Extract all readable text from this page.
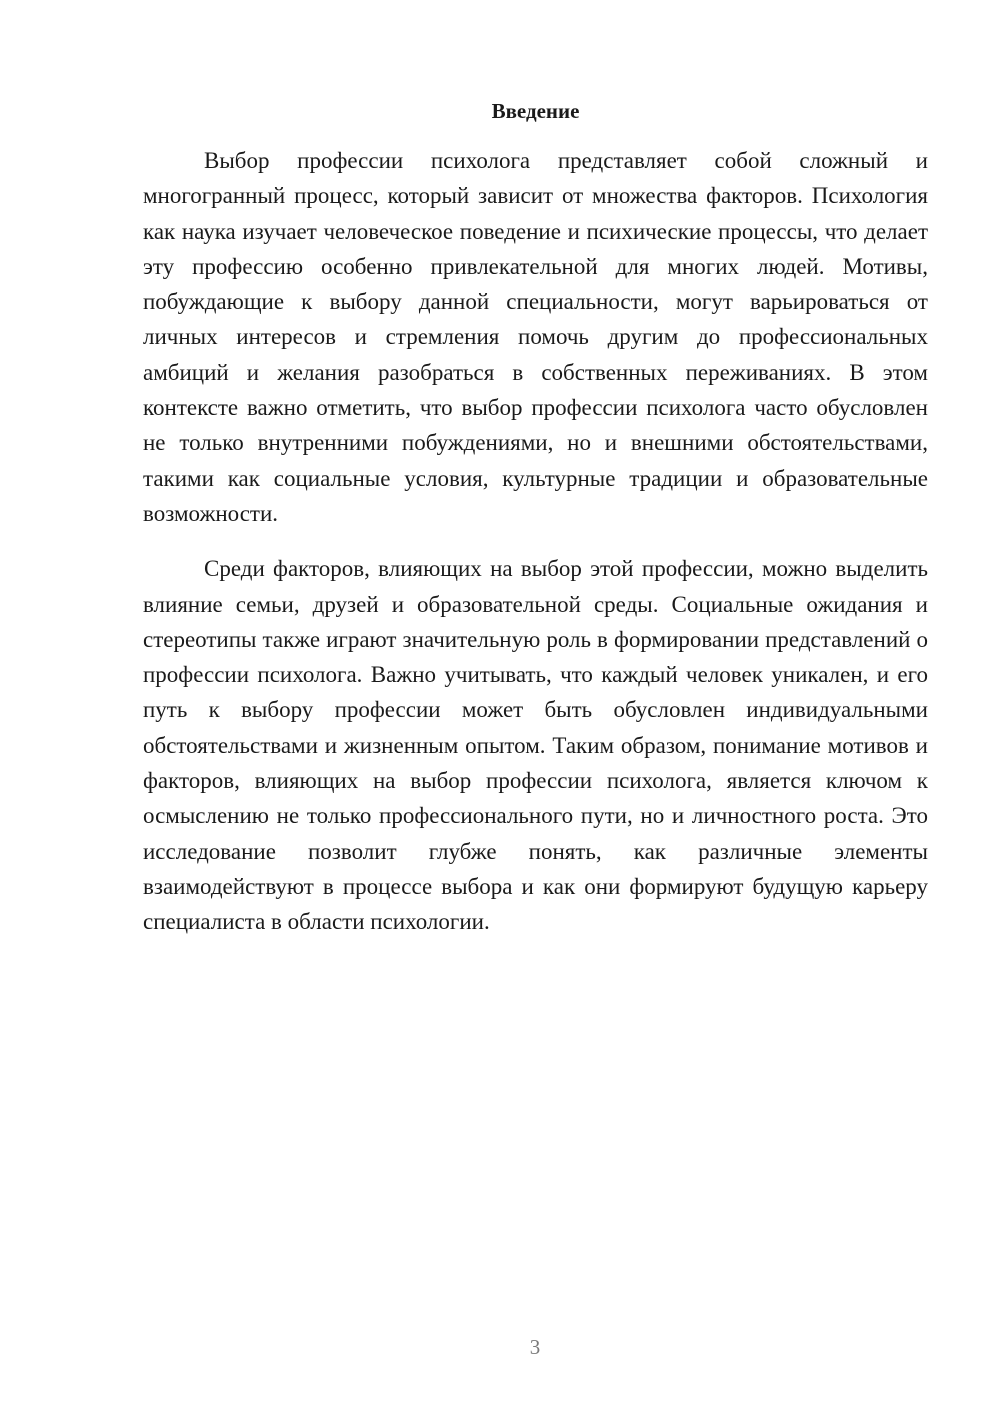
Введение

Выбор профессии психолога представляет собой сложный и многогранный процесс, который зависит от множества факторов. Психология как наука изучает человеческое поведение и психические процессы, что делает эту профессию особенно привлекательной для многих людей. Мотивы, побуждающие к выбору данной специальности, могут варьироваться от личных интересов и стремления помочь другим до профессиональных амбиций и желания разобраться в собственных переживаниях. В этом контексте важно отметить, что выбор профессии психолога часто обусловлен не только внутренними побуждениями, но и внешними обстоятельствами, такими как социальные условия, культурные традиции и образовательные возможности.

Среди факторов, влияющих на выбор этой профессии, можно выделить влияние семьи, друзей и образовательной среды. Социальные ожидания и стереотипы также играют значительную роль в формировании представлений о профессии психолога. Важно учитывать, что каждый человек уникален, и его путь к выбору профессии может быть обусловлен индивидуальными обстоятельствами и жизненным опытом. Таким образом, понимание мотивов и факторов, влияющих на выбор профессии психолога, является ключом к осмыслению не только профессионального пути, но и личностного роста. Это исследование позволит глубже понять, как различные элементы взаимодействуют в процессе выбора и как они формируют будущую карьеру специалиста в области психологии.

3
